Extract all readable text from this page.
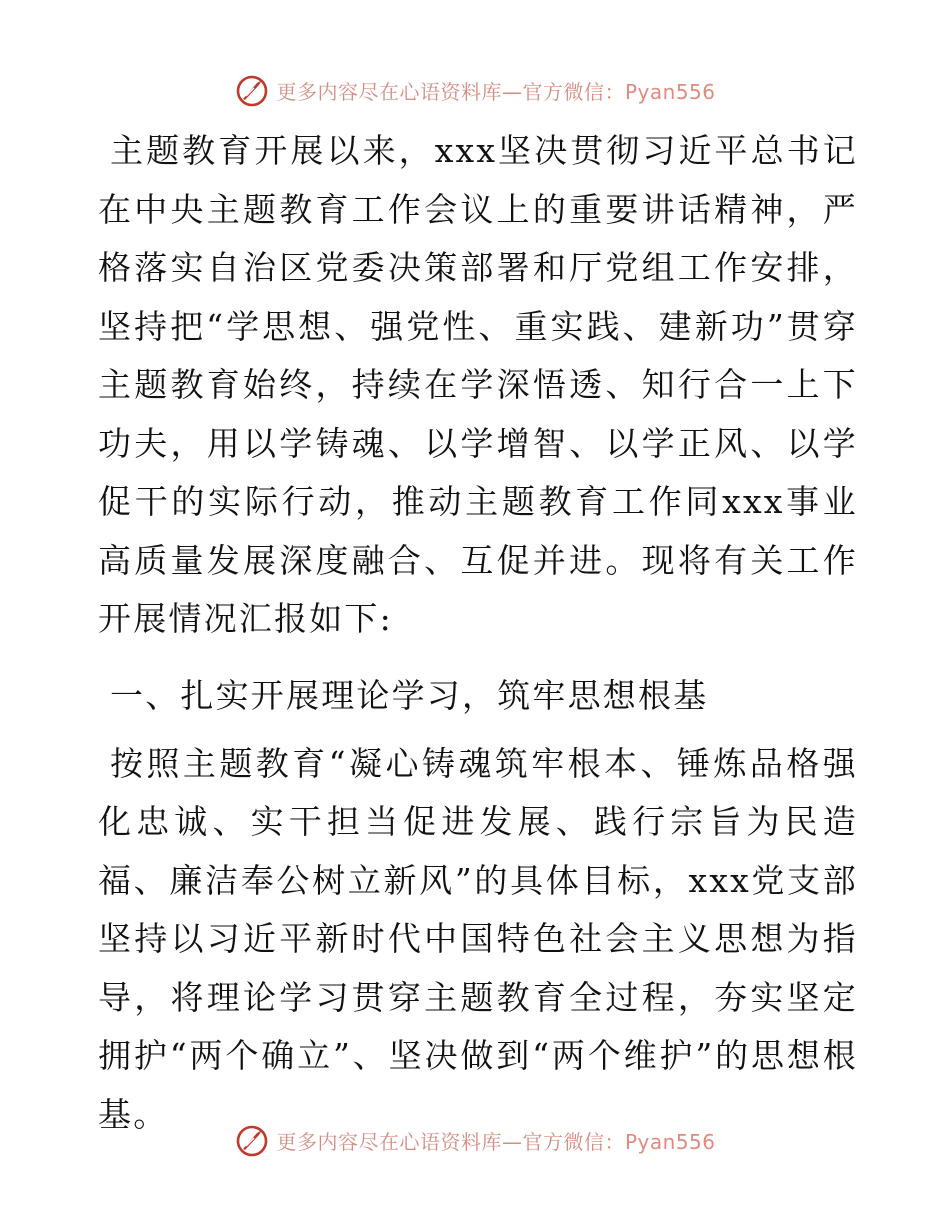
更多内容尽在心语资料库—官方微信：Pyan556

主题教育开展以来，xxx坚决贯彻习近平总书记在中央主题教育工作会议上的重要讲话精神，严格落实自治区党委决策部署和厅党组工作安排，坚持把“学思想、强党性、重实践、建新功”贯穿主题教育始终，持续在学深悟透、知行合一上下功夫，用以学铸魂、以学增智、以学正风、以学促干的实际行动，推动主题教育工作同xxx事业高质量发展深度融合、互促并进。现将有关工作开展情况汇报如下:

一、扎实开展理论学习，筑牢思想根基

按照主题教育“凝心铸魂筑牢根本、锤炼品格强化忠诚、实干担当促进发展、践行宗旨为民造福、廉洁奉公树立新风”的具体目标，xxx党支部坚持以习近平新时代中国特色社会主义思想为指导，将理论学习贯穿主题教育全过程，夯实坚定拥护“两个确立”、坚决做到“两个维护”的思想根基。

更多内容尽在心语资料库—官方微信：Pyan556
